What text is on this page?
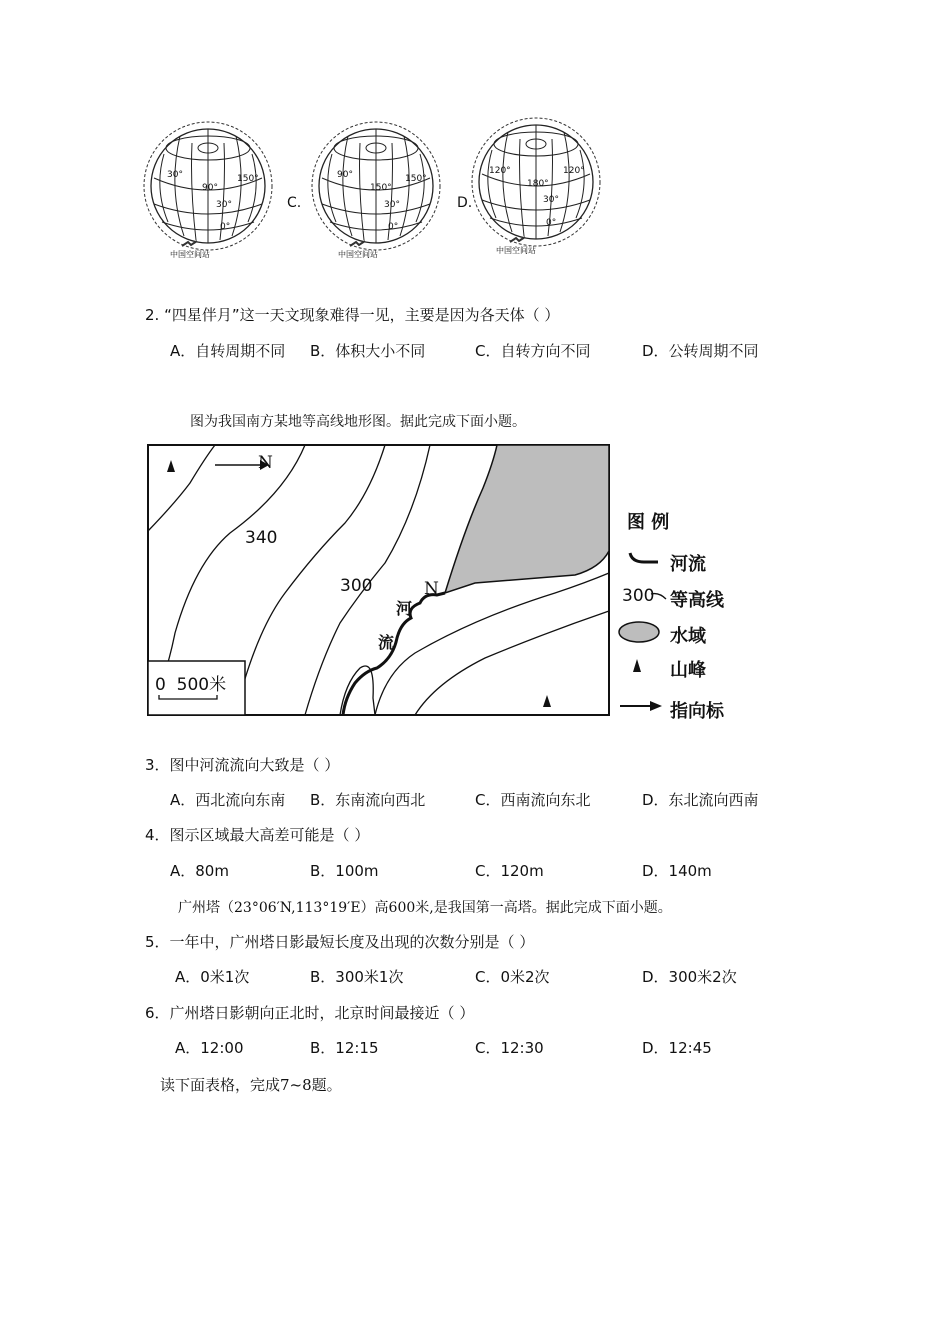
30°
90°
150°
30°
0°
中国空间站
C.
90°
150°
150°
30°
0°
中国空间站
D.
120°
180°
120°
30°
0°
中国空间站
2. “四星伴月”这一天文现象难得一见，主要是因为各天体（ ）
A．自转周期不同 B．体积大小不同	C．自转方向不同	D．公转周期不同
图为我国南方某地等高线地形图。据此完成下面小题。
N
340
300
河
流
N
0  500米
图 例
河流
300 等高线
水域
山峰
指向标
3．图中河流流向大致是（ ）
A．西北流向东南 B．东南流向西北	C．西南流向东北	D．东北流向西南
4．图示区域最大高差可能是（ ）
A．80m	B．100m	C．120m	D．140m
广州塔（23°06′N,113°19′E）高600米,是我国第一高塔。据此完成下面小题。
5．一年中，广州塔日影最短长度及出现的次数分别是（ ）
A．0米1次	B．300米1次	C．0米2次	D．300米2次
6．广州塔日影朝向正北时，北京时间最接近（ ）
A．12:00	B．12:15	C．12:30	D．12:45
读下面表格，完成7~8题。
